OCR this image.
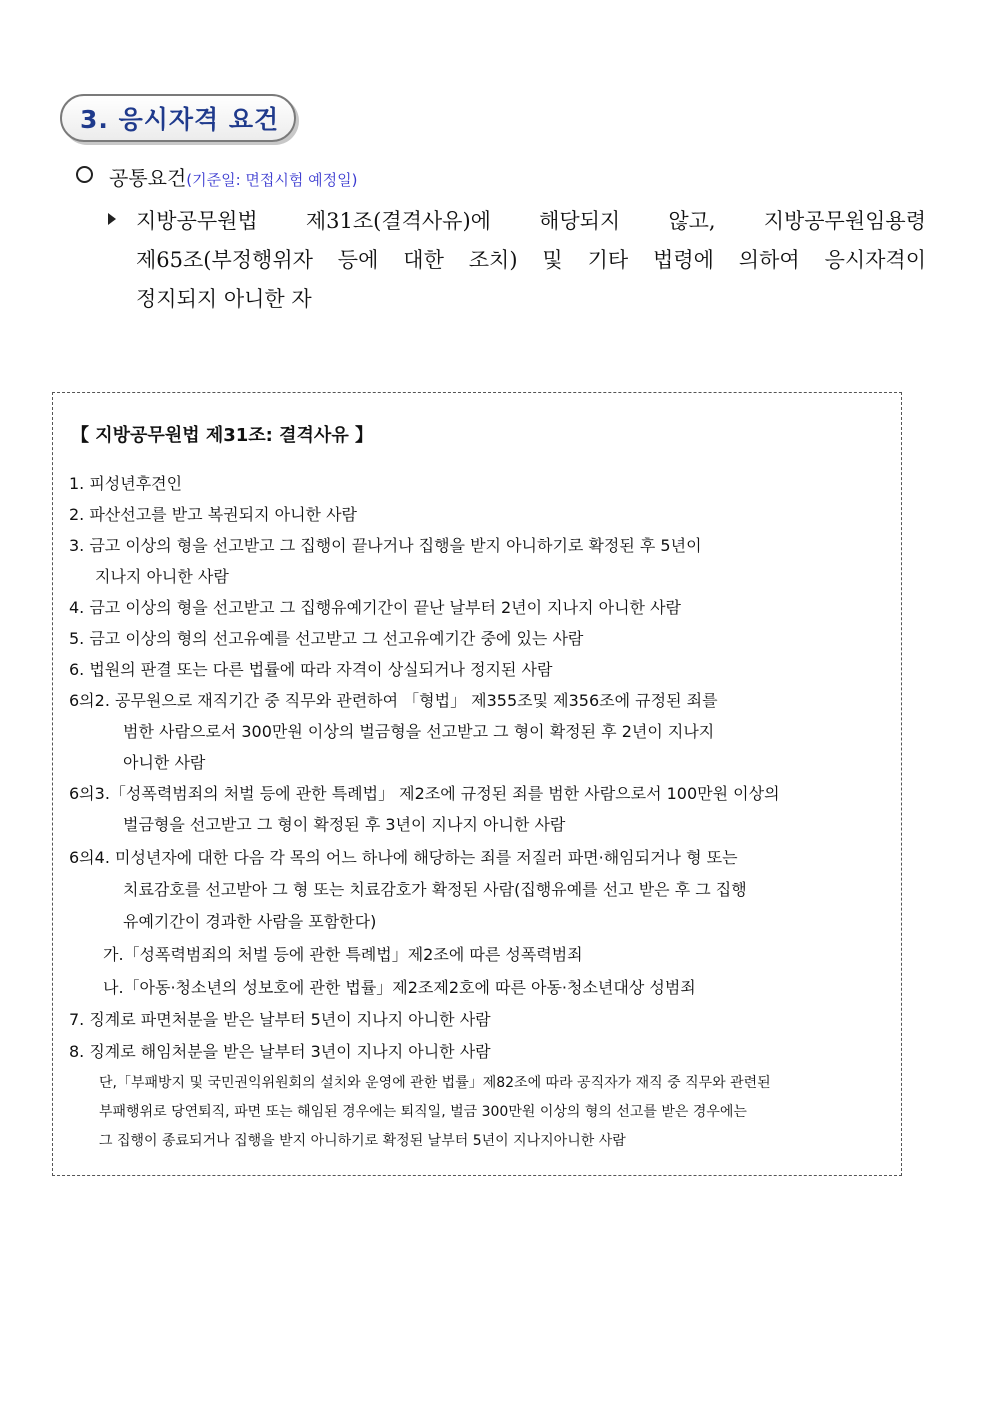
3. 응시자격 요건
공통요건 (기준일: 면접시험 예정일)
지방공무원법 제31조(결격사유)에 해당되지 않고, 지방공무원임용령
제65조(부정행위자 등에 대한 조치) 및 기타 법령에 의하여 응시자격이
정지되지 아니한 자
【 지방공무원법 제31조: 결격사유 】
1. 피성년후견인
2. 파산선고를 받고 복권되지 아니한 사람
3. 금고 이상의 형을 선고받고 그 집행이 끝나거나 집행을 받지 아니하기로 확정된 후 5년이
지나지 아니한 사람
4. 금고 이상의 형을 선고받고 그 집행유예기간이 끝난 날부터 2년이 지나지 아니한 사람
5. 금고 이상의 형의 선고유예를 선고받고 그 선고유예기간 중에 있는 사람
6. 법원의 판결 또는 다른 법률에 따라 자격이 상실되거나 정지된 사람
6의2. 공무원으로 재직기간 중 직무와 관련하여 「형법」 제355조및 제356조에 규정된 죄를
범한 사람으로서 300만원 이상의 벌금형을 선고받고 그 형이 확정된 후 2년이 지나지
아니한 사람
6의3.「성폭력범죄의 처벌 등에 관한 특례법」 제2조에 규정된 죄를 범한 사람으로서 100만원 이상의
벌금형을 선고받고 그 형이 확정된 후 3년이 지나지 아니한 사람
6의4. 미성년자에 대한 다음 각 목의 어느 하나에 해당하는 죄를 저질러 파면·해임되거나 형 또는
치료감호를 선고받아 그 형 또는 치료감호가 확정된 사람(집행유예를 선고 받은 후 그 집행
유예기간이 경과한 사람을 포함한다)
가.「성폭력범죄의 처벌 등에 관한 특례법」제2조에 따른 성폭력범죄
나.「아동·청소년의 성보호에 관한 법률」제2조제2호에 따른 아동·청소년대상 성범죄
7. 징계로 파면처분을 받은 날부터 5년이 지나지 아니한 사람
8. 징계로 해임처분을 받은 날부터 3년이 지나지 아니한 사람
단,「부패방지 및 국민권익위원회의 설치와 운영에 관한 법률」제82조에 따라 공직자가 재직 중 직무와 관련된
부패행위로 당연퇴직, 파면 또는 해임된 경우에는 퇴직일, 벌금 300만원 이상의 형의 선고를 받은 경우에는
그 집행이 종료되거나 집행을 받지 아니하기로 확정된 날부터 5년이 지나지아니한 사람
